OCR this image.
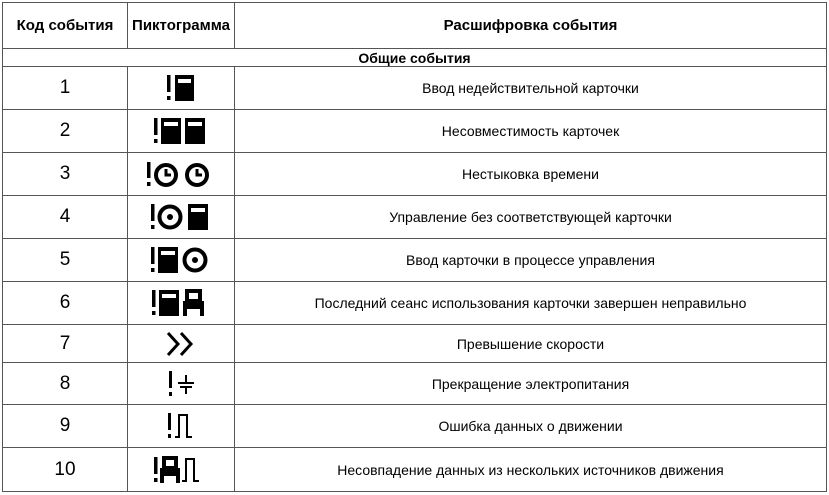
Код события	Пиктограмма	Расшифровка события
Общие события		
1		Ввод недействительной карточки
2		Несовместимость карточек
3		Нестыковка времени
4		Управление без соответствующей карточки
5		Ввод карточки в процессе управления
6		Последний сеанс использования карточки завершен неправильно
7		Превышение скорости
8		Прекращение электропитания
9		Ошибка данных о движении
10		Несовпадение данных из нескольких источников движения
